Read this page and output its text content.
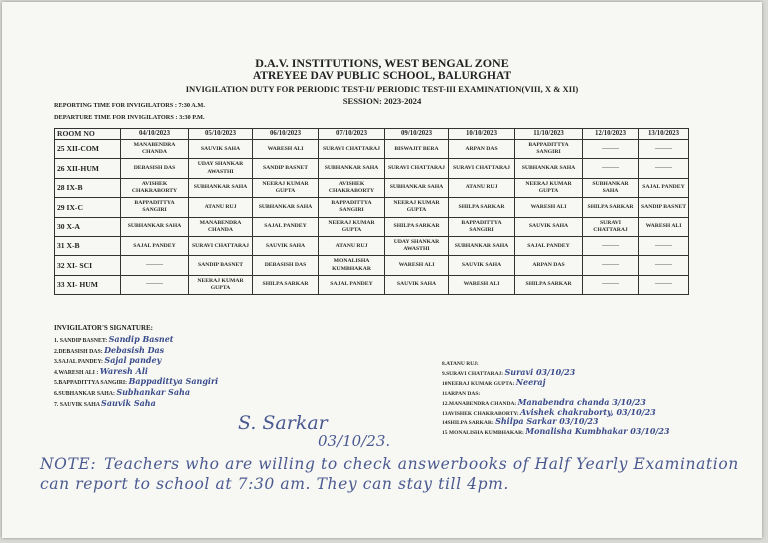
D.A.V. INSTITUTIONS, WEST BENGAL ZONE
ATREYEE DAV PUBLIC SCHOOL, BALURGHAT
INVIGILATION DUTY FOR PERIODIC TEST-II/ PERIODIC TEST-III EXAMINATION(VIII, X & XII)
SESSION: 2023-2024
REPORTING TIME FOR INVIGILATORS : 7:30 A.M.
DEPARTURE TIME FOR INVIGILATORS : 3:30 P.M.
ROOM NO	04/10/2023	05/10/2023	06/10/2023	07/10/2023	09/10/2023	10/10/2023	11/10/2023	12/10/2023	13/10/2023
25 XII-COM	MANABENDRA CHANDA	SAUVIK SAHA	WARESH ALI	SURAVI CHATTARAJ	BISWAJIT BERA	ARPAN DAS	BAPPADITTYA SANGIRI	———	———
26 XII-HUM	DEBASISH DAS	UDAY SHANKAR AWASTHI	SANDIP BASNET	SUBHANKAR SAHA	SURAVI CHATTARAJ	SURAVI CHATTARAJ	SUBHANKAR SAHA	———	———
28 IX-B	AVISHEK CHAKRABORTY	SUBHANKAR SAHA	NEERAJ KUMAR GUPTA	AVISHEK CHAKRABORTY	SUBHANKAR SAHA	ATANU RUJ	NEERAJ KUMAR GUPTA	SUBHANKAR SAHA	SAJAL PANDEY
29 IX-C	BAPPADITTYA SANGIRI	ATANU RUJ	SUBHANKAR SAHA	BAPPADITTYA SANGIRI	NEERAJ KUMAR GUPTA	SHILPA SARKAR	WARESH ALI	SHILPA SARKAR	SANDIP BASNET
30 X-A	SUBHANKAR SAHA	MANABENDRA CHANDA	SAJAL PANDEY	NEERAJ KUMAR GUPTA	SHILPA SARKAR	BAPPADITTYA SANGIRI	SAUVIK SAHA	SURAVI CHATTARAJ	WARESH ALI
31 X-B	SAJAL PANDEY	SURAVI CHATTARAJ	SAUVIK SAHA	ATANU RUJ	UDAY SHANKAR AWASTHI	SUBHANKAR SAHA	SAJAL PANDEY	———	———
32 XI- SCI	———	SANDIP BASNET	DEBASISH DAS	MONALISHA KUMBHAKAR	WARESH ALI	SAUVIK SAHA	ARPAN DAS	———	———
33 XI- HUM	———	NEERAJ KUMAR GUPTA	SHILPA SARKAR	SAJAL PANDEY	SAUVIK SAHA	WARESH ALI	SHILPA SARKAR	———	———
INVIGILATOR'S SIGNATURE:
1. SANDIP BASNET: Sandip Basnet
2.DEBASISH DAS: Debasish Das
3.SAJAL PANDEY: Sajal pandey
4.WARESH ALI : Waresh Ali
5.BAPPADITTYA SANGIRI: Bappadittya Sangiri
6.SUBHANKAR SAHA: Subhankar Saha
7. SAUVIK SAHA Sauvik Saha
8.ATANU RUJ:
9.SURAVI CHATTARAJ: Suravi 03/10/23
10NEERAJ KUMAR GUPTA: Neeraj
11ARPAN DAS:
12.MANABENDRA CHANDA: Manabendra chanda 3/10/23
13AVISHEK CHAKRABORTY: Avishek chakraborty, 03/10/23
14SHILPA SARKAR: Shilpa Sarkar 03/10/23
15 MONALISHA KUMBHAKAR: Monalisha Kumbhakar 03/10/23
S. Sarkar
03/10/23.
NOTE: Teachers who are willing to check answerbooks of Half Yearly Examination can report to school at 7:30 am. They can stay till 4pm.
